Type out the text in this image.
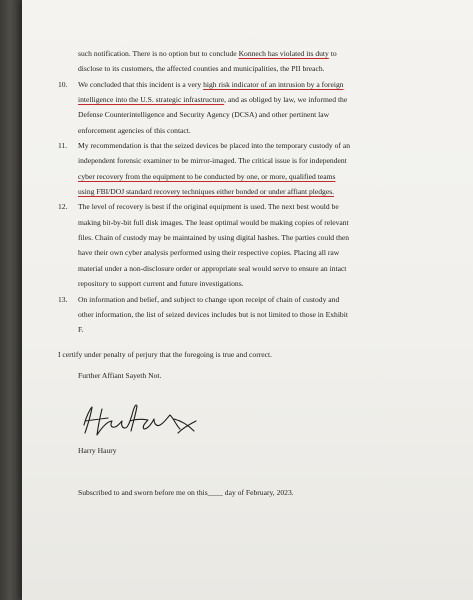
such notification. There is no option but to conclude Konnech has violated its duty to
disclose to its customers, the affected counties and municipalities, the PII breach.
10. We concluded that this incident is a very high risk indicator of an intrusion by a foreign
intelligence into the U.S. strategic infrastructure, and as obliged by law, we informed the
Defense Counterintelligence and Security Agency (DCSA) and other pertinent law
enforcement agencies of this contact.
11. My recommendation is that the seized devices be placed into the temporary custody of an
independent forensic examiner to be mirror-imaged. The critical issue is for independent
cyber recovery from the equipment to be conducted by one, or more, qualified teams
using FBI/DOJ standard recovery techniques either bonded or under affiant pledges.
12. The level of recovery is best if the original equipment is used. The next best would be
making bit-by-bit full disk images. The least optimal would be making copies of relevant
files. Chain of custody may be maintained by using digital hashes. The parties could then
have their own cyber analysis performed using their respective copies. Placing all raw
material under a non-disclosure order or appropriate seal would serve to ensure an intact
repository to support current and future investigations.
13. On information and belief, and subject to change upon receipt of chain of custody and
other information, the list of seized devices includes but is not limited to those in Exhibit
F.
I certify under penalty of perjury that the foregoing is true and correct.
Further Affiant Sayeth Not.
Harry Haury
Subscribed to and sworn before me on this____ day of February, 2023.
